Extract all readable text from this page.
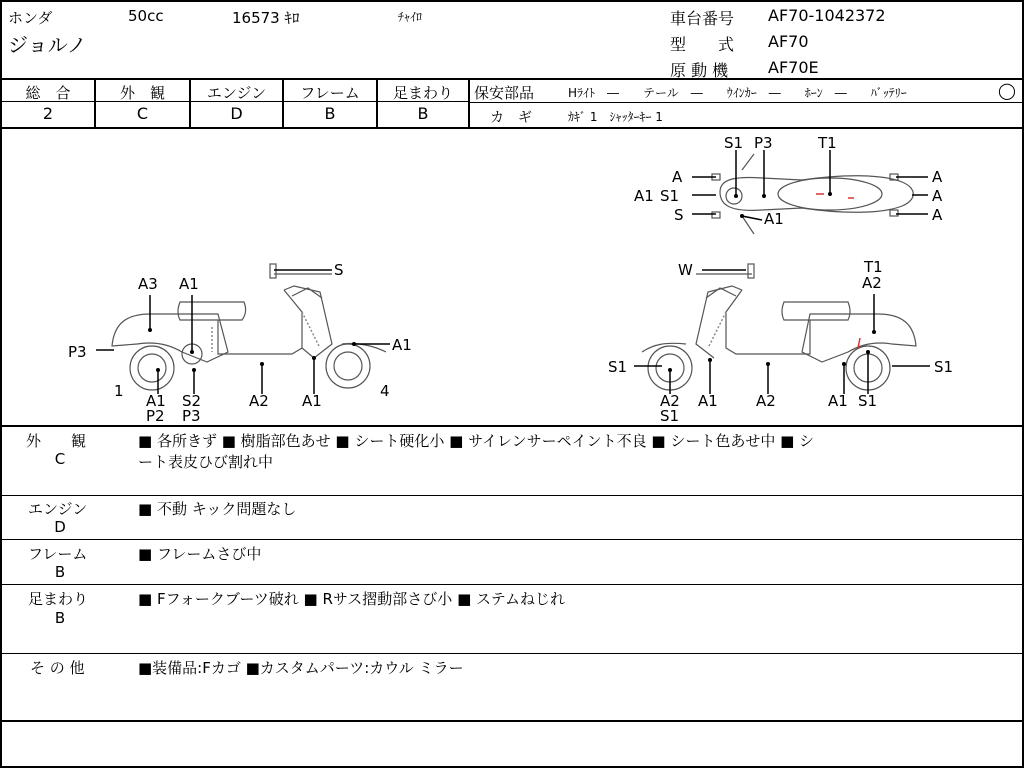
ホンダ	50cc	16573 ｷﾛ	ﾁｬｲﾛ
ジョルノ
車台番号 AF70-1042372
型　　式 AF70
原 動 機 AF70E
総　合	外　観	エンジン	フレーム	足まわり
2	C	D	B	B
保安部品	Hﾗｲﾄ　―　　テール　―　　ｳｲﾝｶｰ　―　　ﾎｰﾝ　―　　ﾊﾞｯﾃﾘｰ	◯
カ　ギ	ｶｷﾞ 1　ｼｬｯﾀｰｷｰ 1
A3 A1
S
P3	A1
1
A1 S2	A2 A1
4
P2 P3
S1 P3	T1
A	A
A1 S1	A
S	A1	A
W	T1
A2
S1	S1
A1	A2	A1 S1
A2
S1
外　　観
C
■ 各所きず ■ 樹脂部色あせ ■ シート硬化小 ■ サイレンサーペイント不良 ■ シート色あせ中 ■ シ
ート表皮ひび割れ中
エンジン
D
■ 不動 キック問題なし
フレーム
B
■ フレームさび中
足まわり
B
■ Fフォークブーツ破れ ■ Rサス摺動部さび小 ■ ステムねじれ
そ の 他	■装備品:Fカゴ ■カスタムパーツ:カウル ミラー
